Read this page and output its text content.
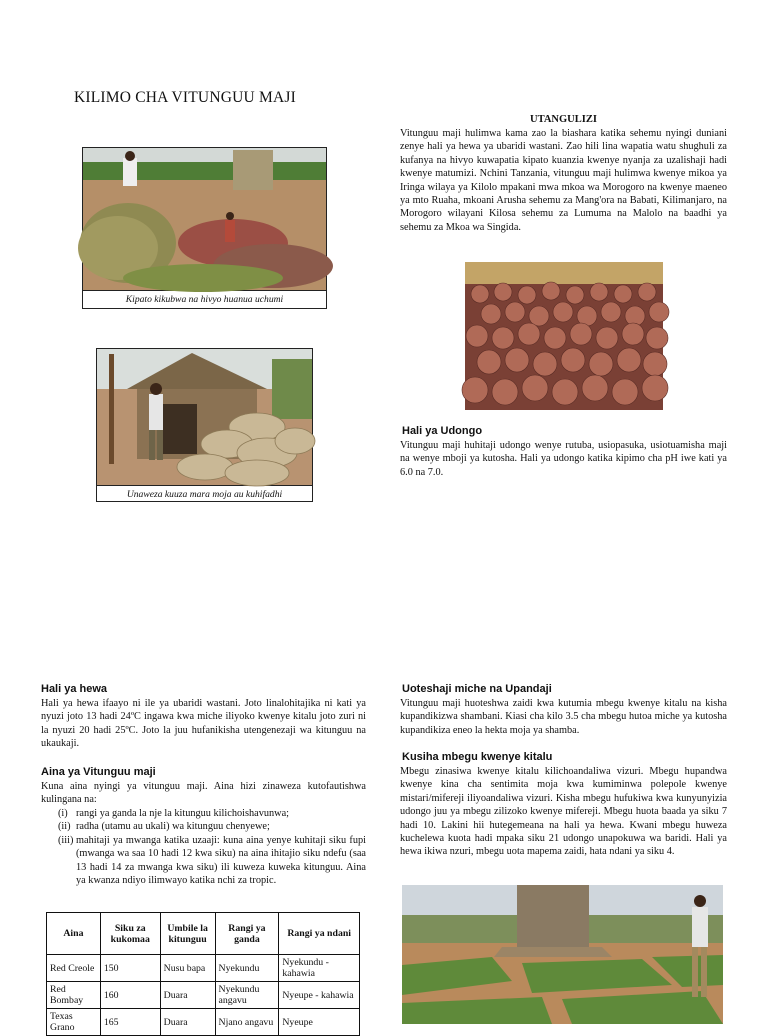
KILIMO CHA VITUNGUU MAJI
UTANGULIZI
Vitunguu maji hulimwa kama zao la biashara katika sehemu nyingi duniani zenye hali ya hewa ya ubaridi wastani. Zao hili lina wapatia watu shughuli za kufanya na hivyo kuwapatia kipato kuanzia kwenye nyanja za uzalishaji hadi kwenye matumizi. Nchini Tanzania, vitunguu maji hulimwa kwenye mikoa ya Iringa wilaya ya Kilolo mpakani mwa mkoa wa Morogoro na kwenye maeneo ya mto Ruaha, mkoani Arusha sehemu za Mang'ora na Babati, Kilimanjaro, na Morogoro wilayani Kilosa sehemu za Lumuma na Malolo na baadhi ya sehemu za Mkoa wa Singida.
Kipato kikubwa na hivyo huanua uchumi
Unaweza kuuza mara moja au kuhifadhi
Hali ya Udongo
Vitunguu maji huhitaji udongo wenye rutuba, usiopasuka, usiotuamisha maji na wenye mboji ya kutosha. Hali ya udongo katika kipimo cha pH iwe kati ya 6.0 na 7.0.
Hali ya hewa
Hali ya hewa ifaayo ni ile ya ubaridi wastani. Joto linalohitajika ni kati ya nyuzi joto 13 hadi 24ºC ingawa kwa miche iliyoko kwenye kitalu joto zuri ni la nyuzi 20 hadi 25ºC. Joto la juu hufanikisha utengenezaji wa kitunguu na ukaukaji.
Aina ya Vitunguu maji
Kuna aina nyingi ya vitunguu maji. Aina hizi zinaweza kutofautishwa kulingana na:
(i) rangi ya ganda la nje la kitunguu kilichoishavunwa;
(ii) radha (utamu au ukali) wa kitunguu chenyewe;
(iii) mahitaji ya mwanga katika uzaaji: kuna aina yenye kuhitaji siku fupi (mwanga wa saa 10 hadi 12 kwa siku) na aina ihitajio siku ndefu (saa 13 hadi 14 za mwanga kwa siku) ili kuweza kuweka kitunguu. Aina ya kwanza ndiyo ilimwayo katika nchi za tropic.
Aina	Siku za kukomaa	Umbile la kitunguu	Rangi ya ganda	Rangi ya ndani
Red Creole	150	Nusu bapa	Nyekundu	Nyekundu - kahawia
Red Bombay	160	Duara	Nyekundu angavu	Nyeupe - kahawia
Texas Grano	165	Duara	Njano angavu	Nyeupe
Uoteshaji miche na Upandaji
Vitunguu maji huoteshwa zaidi kwa kutumia mbegu kwenye kitalu na kisha kupandikizwa shambani. Kiasi cha kilo 3.5 cha mbegu hutoa miche ya kutosha kupandikiza eneo la hekta moja ya shamba.
Kusiha mbegu kwenye kitalu
Mbegu zinasiwa kwenye kitalu kilichoandaliwa vizuri. Mbegu hupandwa kwenye kina cha sentimita moja kwa kumiminwa polepole kwenye mistari/mifereji iliyoandaliwa vizuri. Kisha mbegu hufukiwa kwa kunyunyizia udongo juu ya mbegu zilizoko kwenye mifereji. Mbegu huota baada ya siku 7 hadi 10. Lakini hii hutegemeana na hali ya hewa. Kwani mbegu huweza kuchelewa kuota hadi mpaka siku 21 udongo unapokuwa wa baridi. Hali ya hewa ikiwa nzuri, mbegu uota mapema zaidi, hata ndani ya siku 4.
